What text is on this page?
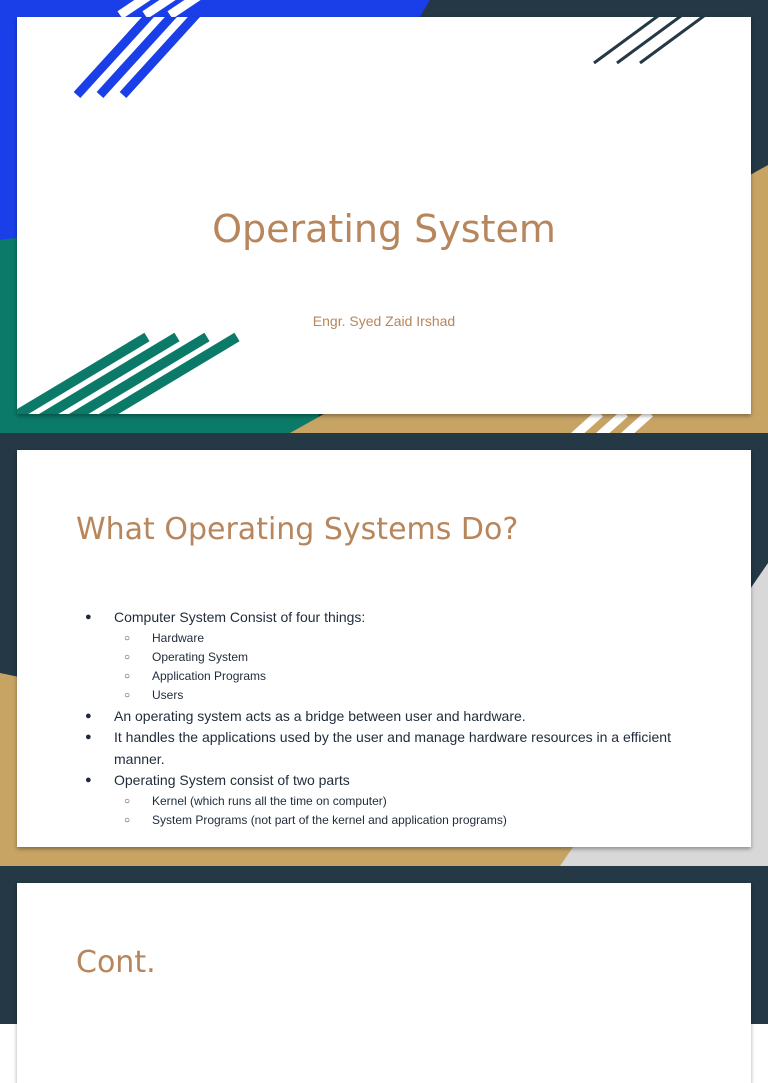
Operating System

Engr. Syed Zaid Irshad

What Operating Systems Do?
● Computer System Consist of four things:
○ Hardware
○ Operating System
○ Application Programs
○ Users
● An operating system acts as a bridge between user and hardware.
● It handles the applications used by the user and manage hardware resources in a efficient manner.
● Operating System consist of two parts
○ Kernel (which runs all the time on computer)
○ System Programs (not part of the kernel and application programs)
Cont.
